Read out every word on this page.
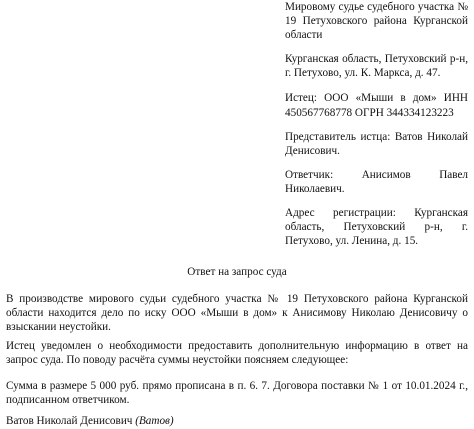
Мировому судье судебного участка № 19 Петуховского района Курганской области

Курганская область, Петуховский р-н, г. Петухово, ул. К. Маркса, д. 47.

Истец: ООО «Мыши в дом» ИНН 450567768778 ОГРН 344334123223

Представитель истца: Ватов Николай Денисович.

Ответчик: Анисимов Павел Николаевич.

Адрес регистрации: Курганская область, Петуховский р-н, г. Петухово, ул. Ленина, д. 15.

Ответ на запрос суда

В производстве мирового судьи судебного участка № 19 Петуховского района Курганской области находится дело по иску ООО «Мыши в дом» к Анисимову Николаю Денисовичу о взыскании неустойки.

Истец уведомлен о необходимости предоставить дополнительную информацию в ответ на запрос суда. По поводу расчёта суммы неустойки поясняем следующее:

Сумма в размере 5 000 руб. прямо прописана в п. 6. 7. Договора поставки № 1 от 10.01.2024 г., подписанном ответчиком.

Ватов Николай Денисович (Ватов)
